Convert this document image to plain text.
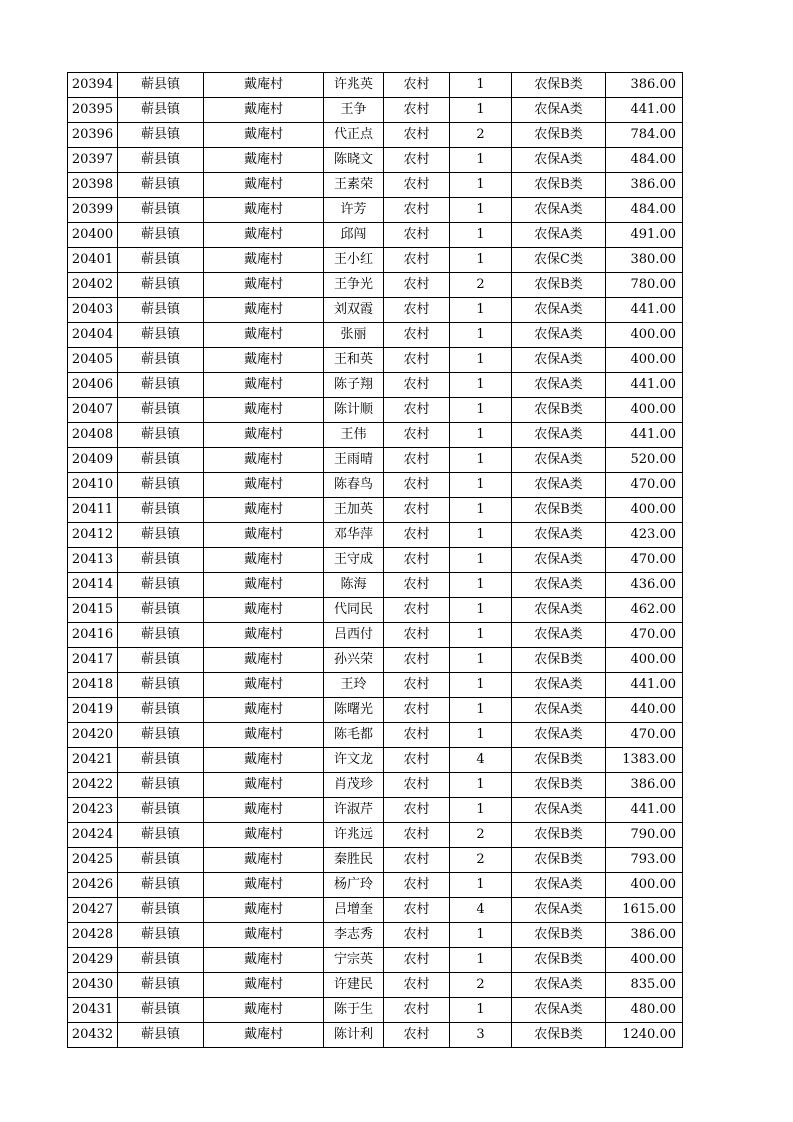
20394	蕲县镇	戴庵村	许兆英	农村	1	农保B类	386.00
20395	蕲县镇	戴庵村	王争	农村	1	农保A类	441.00
20396	蕲县镇	戴庵村	代正点	农村	2	农保B类	784.00
20397	蕲县镇	戴庵村	陈晓文	农村	1	农保A类	484.00
20398	蕲县镇	戴庵村	王素荣	农村	1	农保B类	386.00
20399	蕲县镇	戴庵村	许芳	农村	1	农保A类	484.00
20400	蕲县镇	戴庵村	邱闯	农村	1	农保A类	491.00
20401	蕲县镇	戴庵村	王小红	农村	1	农保C类	380.00
20402	蕲县镇	戴庵村	王争光	农村	2	农保B类	780.00
20403	蕲县镇	戴庵村	刘双霞	农村	1	农保A类	441.00
20404	蕲县镇	戴庵村	张丽	农村	1	农保A类	400.00
20405	蕲县镇	戴庵村	王和英	农村	1	农保A类	400.00
20406	蕲县镇	戴庵村	陈子翔	农村	1	农保A类	441.00
20407	蕲县镇	戴庵村	陈计顺	农村	1	农保B类	400.00
20408	蕲县镇	戴庵村	王伟	农村	1	农保A类	441.00
20409	蕲县镇	戴庵村	王雨晴	农村	1	农保A类	520.00
20410	蕲县镇	戴庵村	陈春鸟	农村	1	农保A类	470.00
20411	蕲县镇	戴庵村	王加英	农村	1	农保B类	400.00
20412	蕲县镇	戴庵村	邓华萍	农村	1	农保A类	423.00
20413	蕲县镇	戴庵村	王守成	农村	1	农保A类	470.00
20414	蕲县镇	戴庵村	陈海	农村	1	农保A类	436.00
20415	蕲县镇	戴庵村	代同民	农村	1	农保A类	462.00
20416	蕲县镇	戴庵村	吕西付	农村	1	农保A类	470.00
20417	蕲县镇	戴庵村	孙兴荣	农村	1	农保B类	400.00
20418	蕲县镇	戴庵村	王玲	农村	1	农保A类	441.00
20419	蕲县镇	戴庵村	陈曙光	农村	1	农保A类	440.00
20420	蕲县镇	戴庵村	陈毛都	农村	1	农保A类	470.00
20421	蕲县镇	戴庵村	许文龙	农村	4	农保B类	1383.00
20422	蕲县镇	戴庵村	肖茂珍	农村	1	农保B类	386.00
20423	蕲县镇	戴庵村	许淑芹	农村	1	农保A类	441.00
20424	蕲县镇	戴庵村	许兆远	农村	2	农保B类	790.00
20425	蕲县镇	戴庵村	秦胜民	农村	2	农保B类	793.00
20426	蕲县镇	戴庵村	杨广玲	农村	1	农保A类	400.00
20427	蕲县镇	戴庵村	吕增奎	农村	4	农保A类	1615.00
20428	蕲县镇	戴庵村	李志秀	农村	1	农保B类	386.00
20429	蕲县镇	戴庵村	宁宗英	农村	1	农保B类	400.00
20430	蕲县镇	戴庵村	许建民	农村	2	农保A类	835.00
20431	蕲县镇	戴庵村	陈于生	农村	1	农保A类	480.00
20432	蕲县镇	戴庵村	陈计利	农村	3	农保B类	1240.00
